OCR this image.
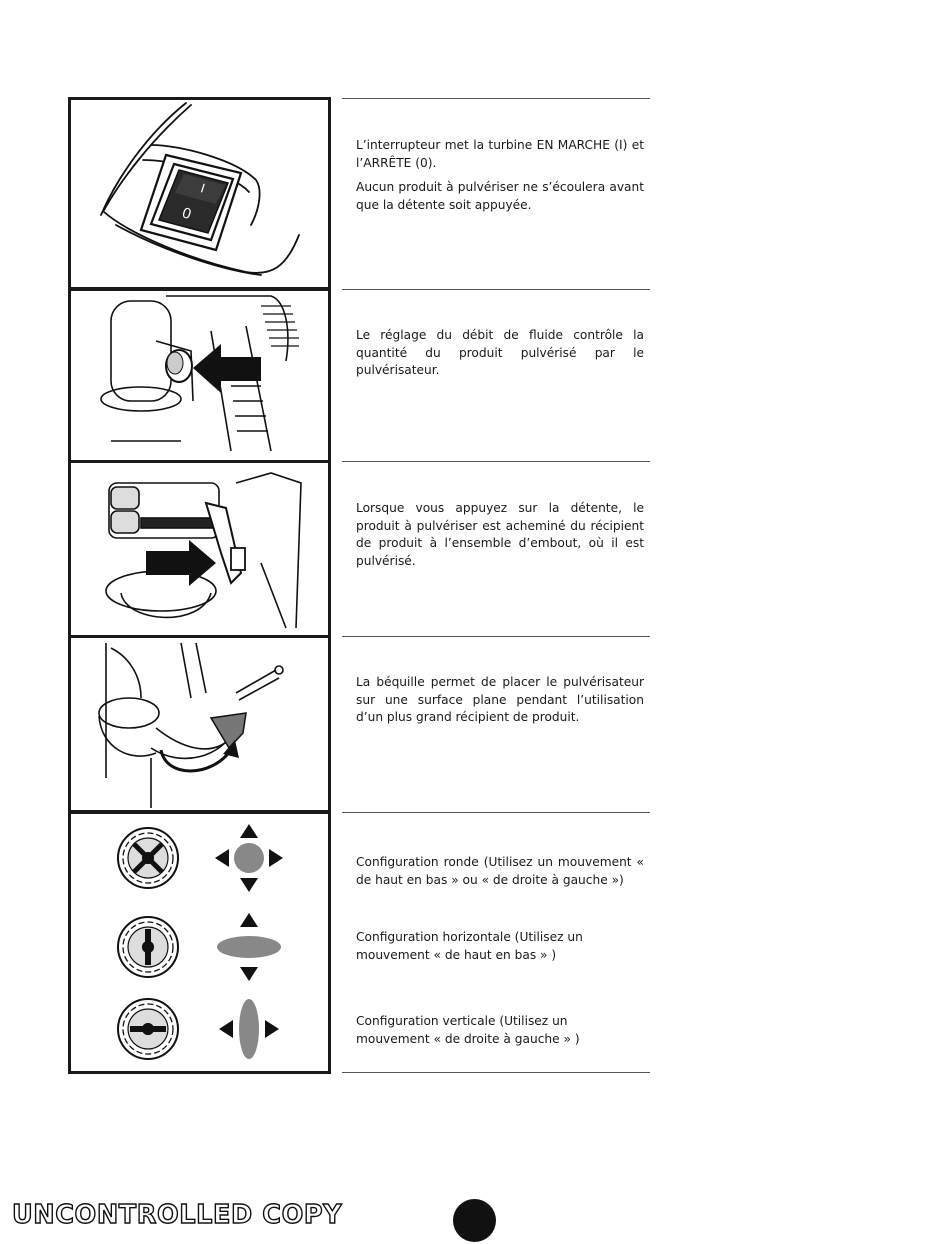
I
0

L’interrupteur met la turbine EN MARCHE (I) et l’ARRÊTE (0).

Aucun produit à pulvériser ne s’écoulera avant que la détente soit appuyée.

Le réglage du débit de fluide contrôle la quantité du produit pulvérisé par le pulvérisateur.

Lorsque vous appuyez sur la détente, le produit à pulvériser est acheminé du récipient de produit à l’ensemble d’embout, où il est pulvérisé.

La béquille permet de placer le pulvérisateur sur une surface plane pendant l’utilisation d’un plus grand récipient de produit.

Configuration ronde (Utilisez un mouvement « de haut en bas » ou « de droite à gauche »)

Configuration horizontale (Utilisez un mouvement « de haut en bas » )

Configuration verticale (Utilisez un mouvement « de droite à gauche » )

UNCONTROLLED COPY
